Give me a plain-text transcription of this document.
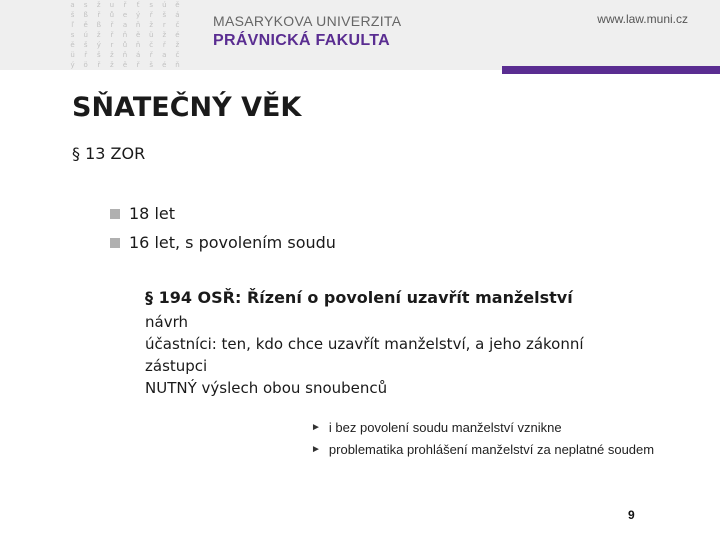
a s ž u ř ť s ú ě
š ß ř ů e ý ř š á
ľ ě ß ř a ň ž r č
s ú ž ř ň ě ü ž é
ě š ý r ů ň č ř ž
ü ř š ž ň á ř a č
ý ö ř ž ě ř š é ň
MASARYKOVA UNIVERZITA
PRÁVNICKÁ FAKULTA
www.law.muni.cz
SŇATEČNÝ VĚK
§ 13 ZOR
18 let
16 let, s povolením soudu
§ 194 OSŘ: Řízení o povolení uzavřít manželství
návrh
účastníci: ten, kdo chce uzavřít manželství, a jeho zákonní zástupci
NUTNÝ výslech obou snoubenců
► i bez povolení soudu manželství vznikne
► problematika prohlášení manželství za neplatné soudem
9
